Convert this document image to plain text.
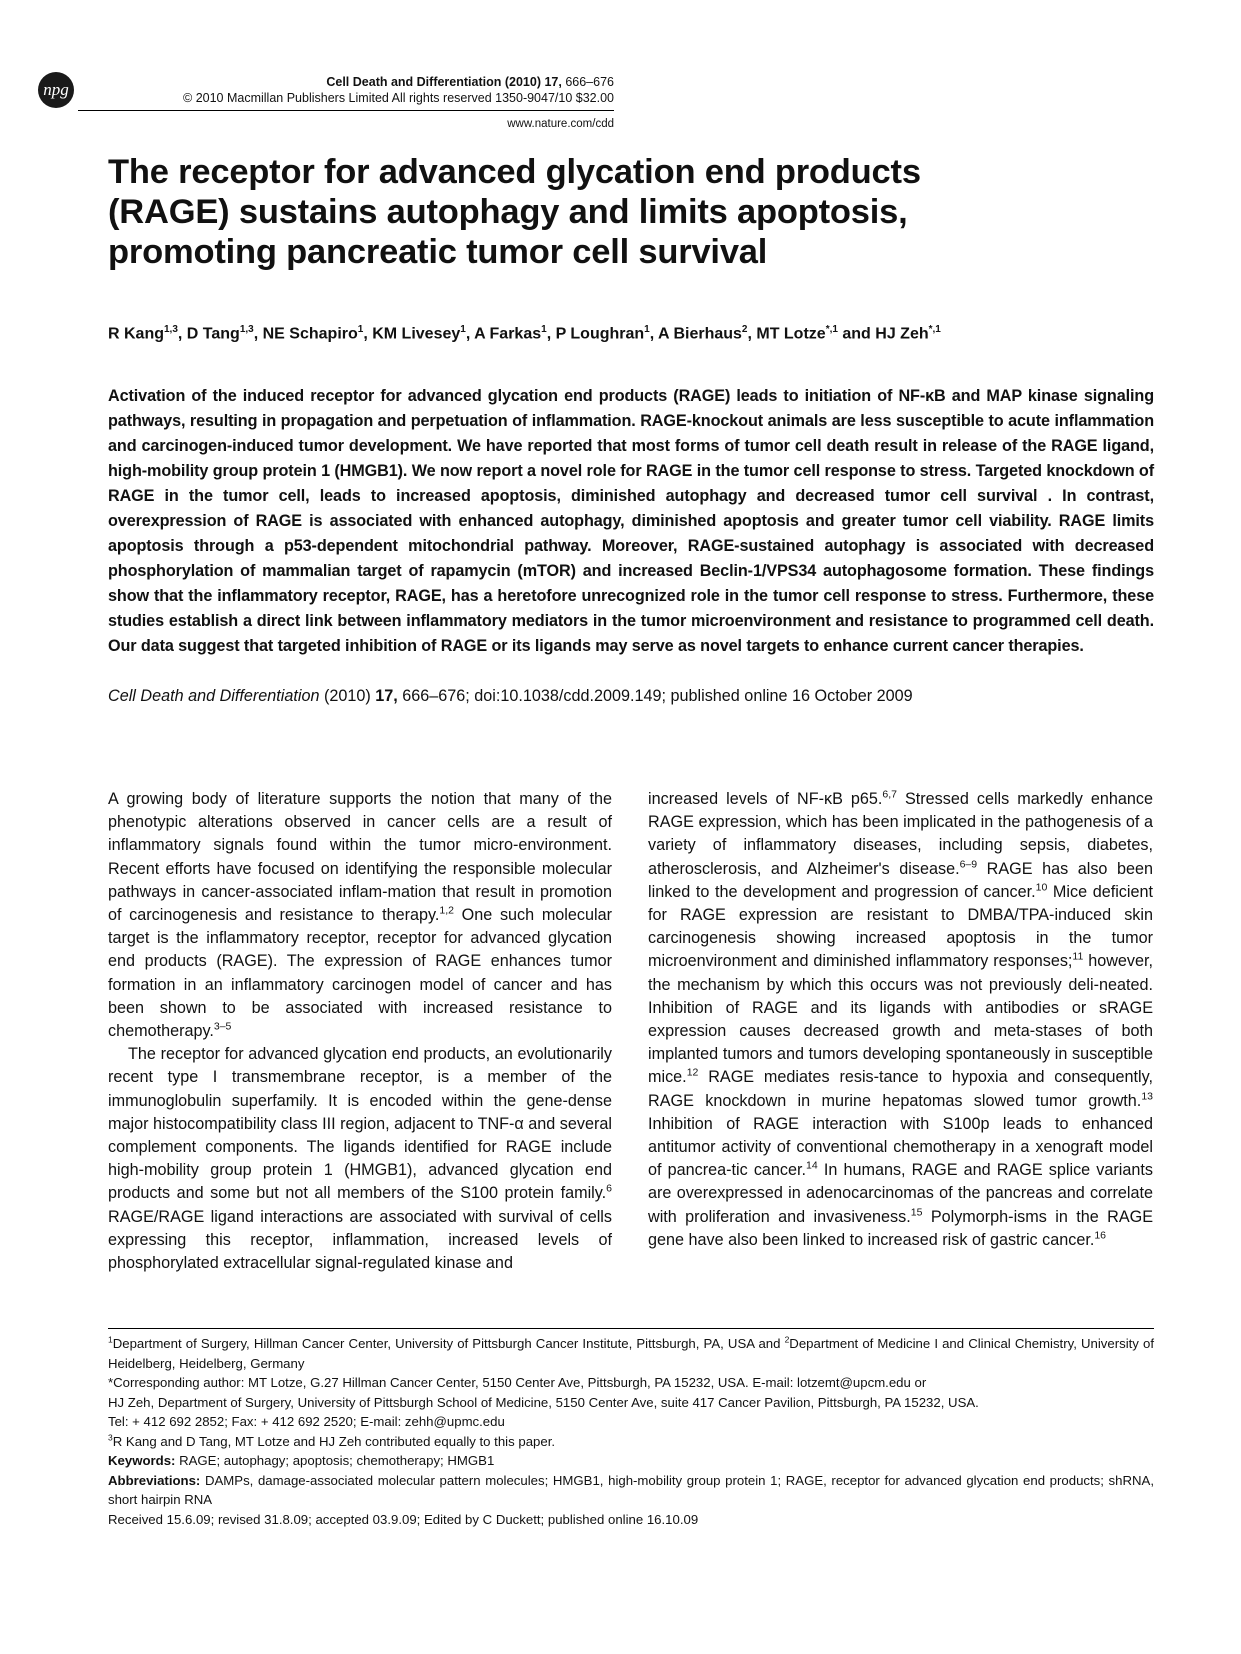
npg	Cell Death and Differentiation (2010) 17, 666–676
© 2010 Macmillan Publishers Limited All rights reserved 1350-9047/10 $32.00
www.nature.com/cdd
The receptor for advanced glycation end products
(RAGE) sustains autophagy and limits apoptosis,
promoting pancreatic tumor cell survival
R Kang$^{1,3}$, D Tang$^{1,3}$, NE Schapiro$^1$, KM Livesey$^1$, A Farkas$^1$, P Loughran$^1$, A Bierhaus$^2$, MT Lotze$^{*,1}$ and HJ Zeh$^{*,1}$
Activation of the induced receptor for advanced glycation end products (RAGE) leads to initiation of NF-κB and MAP kinase signaling pathways, resulting in propagation and perpetuation of inflammation. RAGE-knockout animals are less susceptible to acute inflammation and carcinogen-induced tumor development. We have reported that most forms of tumor cell death result in release of the RAGE ligand, high-mobility group protein 1 (HMGB1). We now report a novel role for RAGE in the tumor cell response to stress. Targeted knockdown of RAGE in the tumor cell, leads to increased apoptosis, diminished autophagy and decreased tumor cell survival . In contrast, overexpression of RAGE is associated with enhanced autophagy, diminished apoptosis and greater tumor cell viability. RAGE limits apoptosis through a p53-dependent mitochondrial pathway. Moreover, RAGE-sustained autophagy is associated with decreased phosphorylation of mammalian target of rapamycin (mTOR) and increased Beclin-1/VPS34 autophagosome formation. These findings show that the inflammatory receptor, RAGE, has a heretofore unrecognized role in the tumor cell response to stress. Furthermore, these studies establish a direct link between inflammatory mediators in the tumor microenvironment and resistance to programmed cell death. Our data suggest that targeted inhibition of RAGE or its ligands may serve as novel targets to enhance current cancer therapies.
Cell Death and Differentiation (2010) 17, 666–676; doi:10.1038/cdd.2009.149; published online 16 October 2009

A growing body of literature supports the notion that many of the phenotypic alterations observed in cancer cells are a result of inflammatory signals found within the tumor micro-environment. Recent efforts have focused on identifying the responsible molecular pathways in cancer-associated inflam-mation that result in promotion of carcinogenesis and resistance to therapy.$^{1,2}$ One such molecular target is the inflammatory receptor, receptor for advanced glycation end products (RAGE). The expression of RAGE enhances tumor formation in an inflammatory carcinogen model of cancer and has been shown to be associated with increased resistance to chemotherapy.$^{3-5}$

The receptor for advanced glycation end products, an evolutionarily recent type I transmembrane receptor, is a member of the immunoglobulin superfamily. It is encoded within the gene-dense major histocompatibility class III region, adjacent to TNF-α and several complement components. The ligands identified for RAGE include high-mobility group protein 1 (HMGB1), advanced glycation end products and some but not all members of the S100 protein family.$^6$ RAGE/RAGE ligand interactions are associated with survival of cells expressing this receptor, inflammation, increased levels of phosphorylated extracellular signal-regulated kinase and

increased levels of NF-κB p65.$^{6,7}$ Stressed cells markedly enhance RAGE expression, which has been implicated in the pathogenesis of a variety of inflammatory diseases, including sepsis, diabetes, atherosclerosis, and Alzheimer's disease.$^{6-9}$ RAGE has also been linked to the development and progression of cancer.$^{10}$ Mice deficient for RAGE expression are resistant to DMBA/TPA-induced skin carcinogenesis showing increased apoptosis in the tumor microenvironment and diminished inflammatory responses;$^{11}$ however, the mechanism by which this occurs was not previously deli-neated. Inhibition of RAGE and its ligands with antibodies or sRAGE expression causes decreased growth and meta-stases of both implanted tumors and tumors developing spontaneously in susceptible mice.$^{12}$ RAGE mediates resis-tance to hypoxia and consequently, RAGE knockdown in murine hepatomas slowed tumor growth.$^{13}$ Inhibition of RAGE interaction with S100p leads to enhanced antitumor activity of conventional chemotherapy in a xenograft model of pancrea-tic cancer.$^{14}$ In humans, RAGE and RAGE splice variants are overexpressed in adenocarcinomas of the pancreas and correlate with proliferation and invasiveness.$^{15}$ Polymorph-isms in the RAGE gene have also been linked to increased risk of gastric cancer.$^{16}$

$^1$Department of Surgery, Hillman Cancer Center, University of Pittsburgh Cancer Institute, Pittsburgh, PA, USA and $^2$Department of Medicine I and Clinical Chemistry, University of Heidelberg, Heidelberg, Germany

*Corresponding author: MT Lotze, G.27 Hillman Cancer Center, 5150 Center Ave, Pittsburgh, PA 15232, USA. E-mail: lotzemt@upcm.edu or

HJ Zeh, Department of Surgery, University of Pittsburgh School of Medicine, 5150 Center Ave, suite 417 Cancer Pavilion, Pittsburgh, PA 15232, USA.

Tel: + 412 692 2852; Fax: + 412 692 2520; E-mail: zehh@upmc.edu

$^3$R Kang and D Tang, MT Lotze and HJ Zeh contributed equally to this paper.

Keywords: RAGE; autophagy; apoptosis; chemotherapy; HMGB1

Abbreviations: DAMPs, damage-associated molecular pattern molecules; HMGB1, high-mobility group protein 1; RAGE, receptor for advanced glycation end products; shRNA, short hairpin RNA

Received 15.6.09; revised 31.8.09; accepted 03.9.09; Edited by C Duckett; published online 16.10.09
